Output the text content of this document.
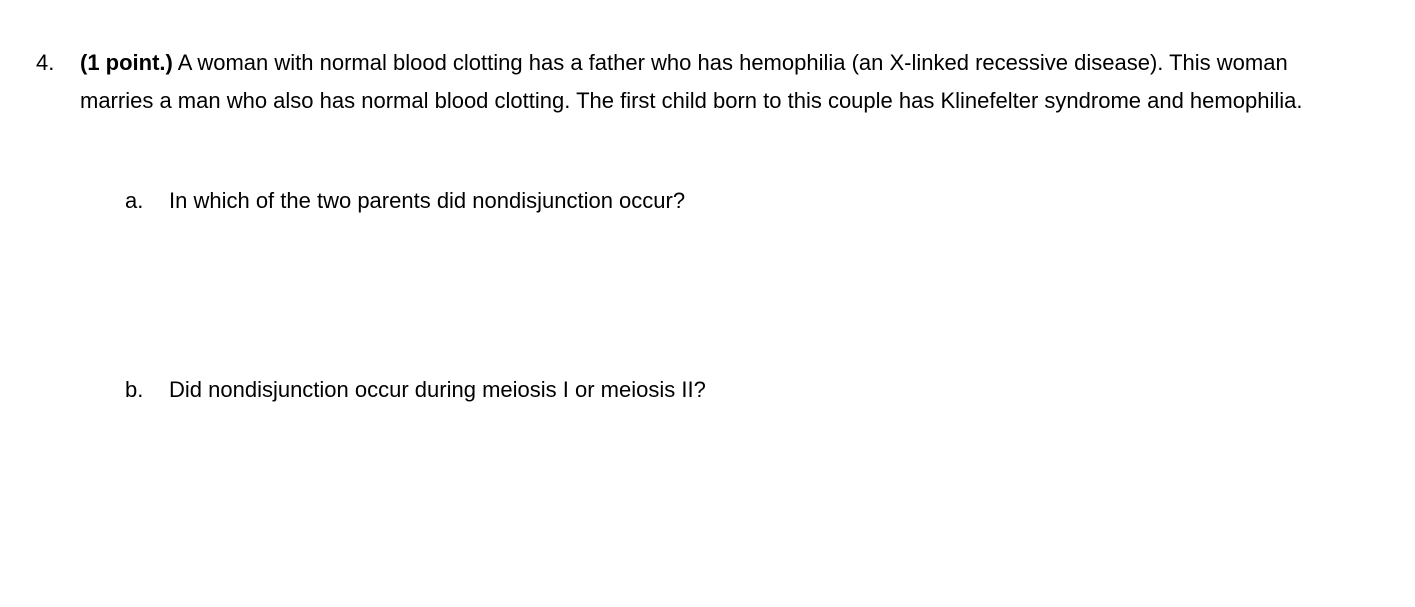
4. (1 point.) A woman with normal blood clotting has a father who has hemophilia (an X-linked recessive disease). This woman marries a man who also has normal blood clotting. The first child born to this couple has Klinefelter syndrome and hemophilia.
a. In which of the two parents did nondisjunction occur?
b. Did nondisjunction occur during meiosis I or meiosis II?
